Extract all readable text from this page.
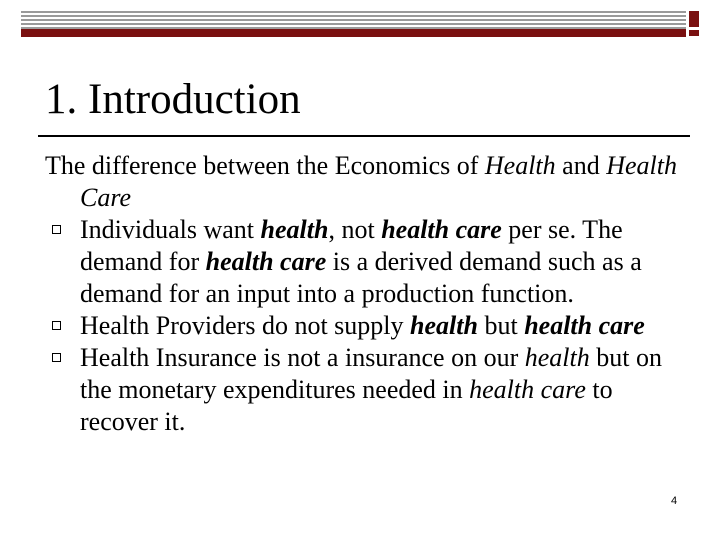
1. Introduction

The difference between the Economics of Health and Health Care

Individuals want health, not health care per se. The demand for health care is a derived demand such as a demand for an input into a production function.
Health Providers do not supply health but health care
Health Insurance is not a insurance on our health but on the monetary expenditures needed in health care to recover it.
4
